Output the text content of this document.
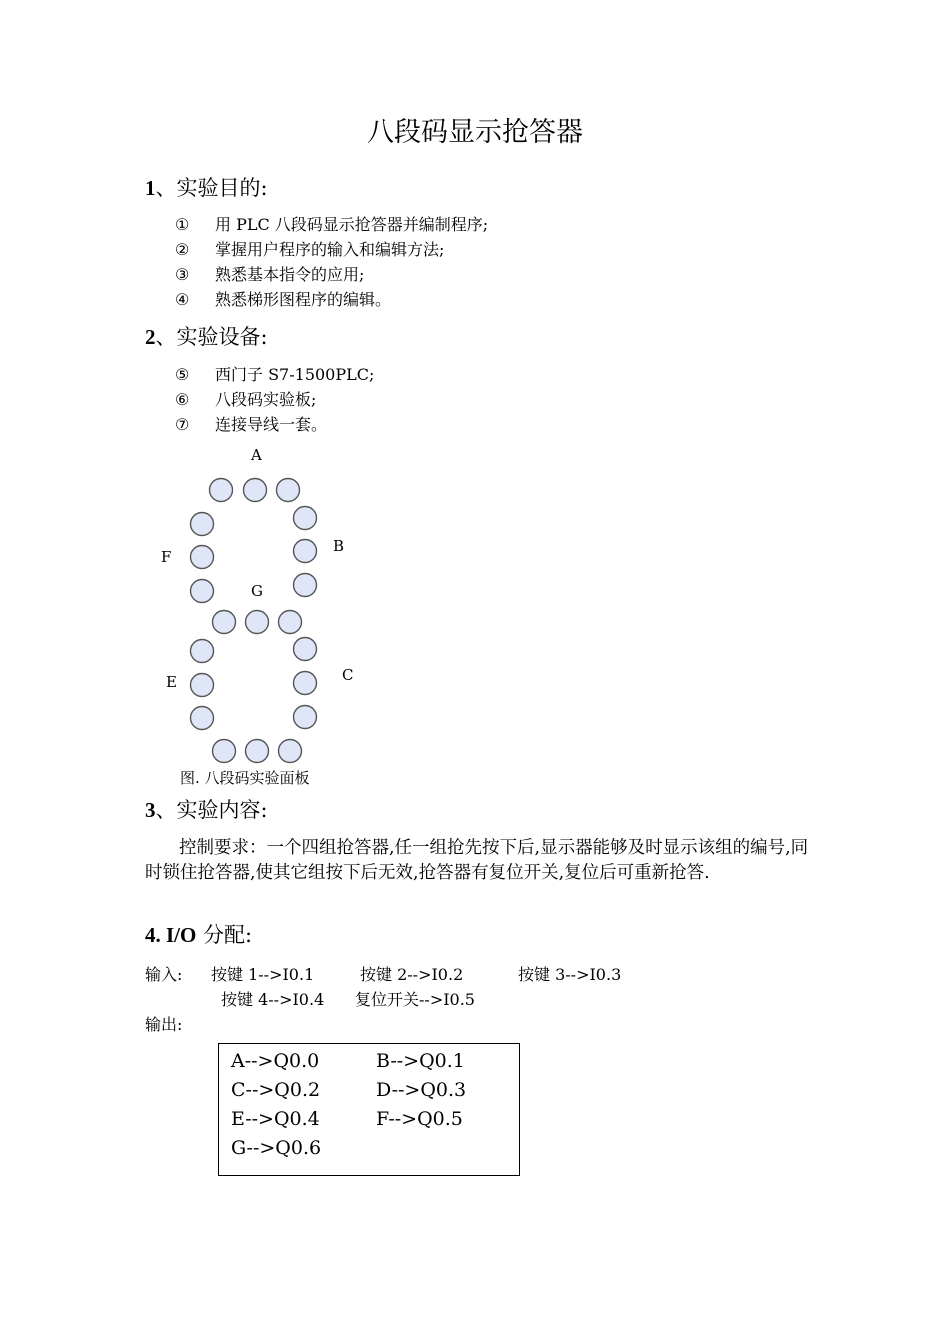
八段码显示抢答器
1、实验目的:
① 用 PLC 八段码显示抢答器并编制程序;
② 掌握用户程序的输入和编辑方法;
③ 熟悉基本指令的应用;
④ 熟悉梯形图程序的编辑。
2、实验设备:
⑤ 西门子 S7-1500PLC;
⑥ 八段码实验板;
⑦ 连接导线一套。
A
B
F
G
C
E
图. 八段码实验面板
3、实验内容:
控制要求：一个四组抢答器,任一组抢先按下后,显示器能够及时显示该组的编号,同时锁住抢答器,使其它组按下后无效,抢答器有复位开关,复位后可重新抢答.
4. I/O 分配:
输入: 按键 1-->I0.1	按键 2-->I0.2	按键 3-->I0.3
按键 4-->I0.4 复位开关-->I0.5
输出:
A-->Q0.0	B-->Q0.1
C-->Q0.2	D-->Q0.3
E-->Q0.4	F-->Q0.5
G-->Q0.6
